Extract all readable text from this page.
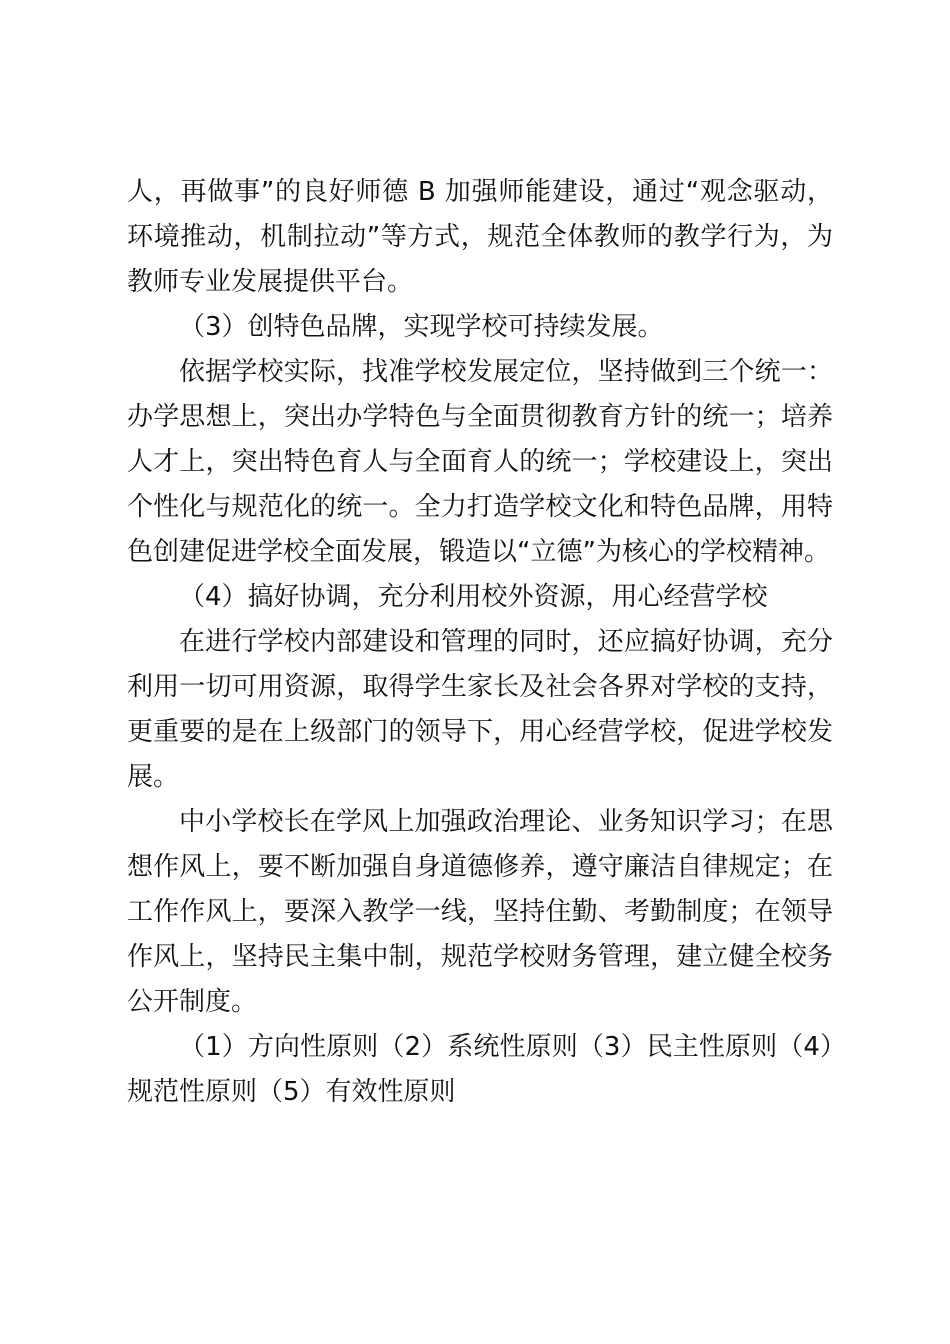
人，再做事”的良好师德 B 加强师能建设，通过“观念驱动，环境推动，机制拉动”等方式，规范全体教师的教学行为，为教师专业发展提供平台。

（3）创特色品牌，实现学校可持续发展。

依据学校实际，找准学校发展定位，坚持做到三个统一：办学思想上，突出办学特色与全面贯彻教育方针的统一；培养人才上，突出特色育人与全面育人的统一；学校建设上，突出个性化与规范化的统一。全力打造学校文化和特色品牌，用特色创建促进学校全面发展，锻造以“立德”为核心的学校精神。

（4）搞好协调，充分利用校外资源，用心经营学校

在进行学校内部建设和管理的同时，还应搞好协调，充分利用一切可用资源，取得学生家长及社会各界对学校的支持，更重要的是在上级部门的领导下，用心经营学校，促进学校发展。

中小学校长在学风上加强政治理论、业务知识学习；在思想作风上，要不断加强自身道德修养，遵守廉洁自律规定；在工作作风上，要深入教学一线，坚持住勤、考勤制度；在领导作风上，坚持民主集中制，规范学校财务管理，建立健全校务公开制度。

（1）方向性原则（2）系统性原则（3）民主性原则（4）规范性原则（5）有效性原则
